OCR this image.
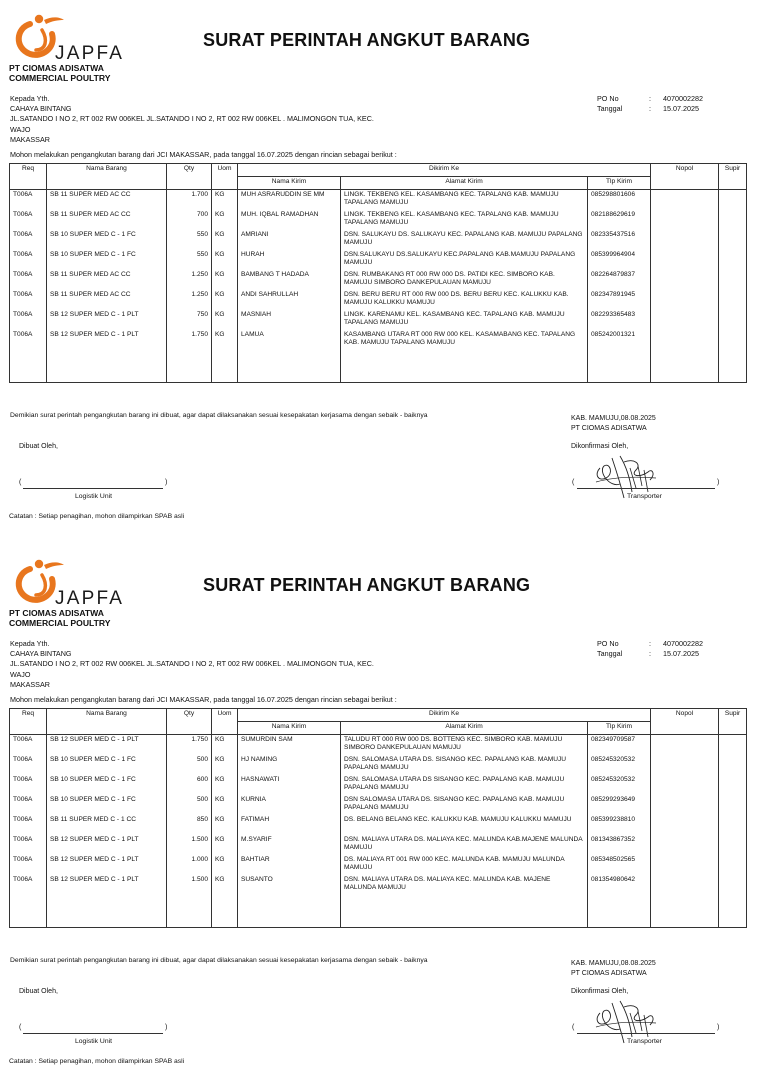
JAPFA
PT CIOMAS ADISATWA
COMMERCIAL POULTRY
SURAT PERINTAH ANGKUT BARANG
Kepada Yth.
CAHAYA BINTANG
JL.SATANDO I NO 2, RT 002 RW 006KEL JL.SATANDO I NO 2, RT 002 RW 006KEL . MALIMONGON TUA, KEC.
WAJO
MAKASSAR
PO No	: 4070002282
Tanggal	: 15.07.2025
Mohon melakukan pengangkutan barang dari JCI MAKASSAR, pada tanggal 16.07.2025 dengan rincian sebagai berikut :
Req	Nama Barang	Qty	Uom	Dikirim Ke			Nopol	Supir
				Nama Kirim	Alamat Kirim	Tlp Kirim		
T006A	SB 11 SUPER MED AC CC	1.700	KG	MUH ASRARUDDIN SE MM	LINGK. TEKBENG KEL. KASAMBANG KEC. TAPALANG KAB. MAMUJU TAPALANG MAMUJU	085298801606		
T006A	SB 11 SUPER MED AC CC	700	KG	MUH. IQBAL RAMADHAN	LINGK. TEKBENG KEL. KASAMBANG KEC. TAPALANG KAB. MAMUJU TAPALANG MAMUJU	082188629619		
T006A	SB 10 SUPER MED C - 1 FC	550	KG	AMRIANI	DSN. SALUKAYU DS. SALUKAYU KEC. PAPALANG KAB. MAMUJU PAPALANG MAMUJU	082335437516		
T006A	SB 10 SUPER MED C - 1 FC	550	KG	HURAH	DSN.SALUKAYU DS.SALUKAYU KEC.PAPALANG KAB.MAMUJU PAPALANG MAMUJU	085399964904		
T006A	SB 11 SUPER MED AC CC	1.250	KG	BAMBANG T HADADA	DSN. RUMBAKANG RT 000 RW 000 DS. PATIDI KEC. SIMBORO KAB. MAMUJU SIMBORO DANKEPULAUAN MAMUJU	082264879837		
T006A	SB 11 SUPER MED AC CC	1.250	KG	ANDI SAHRULLAH	DSN. BERU BERU RT 000 RW 000 DS. BERU BERU KEC. KALUKKU KAB. MAMUJU KALUKKU MAMUJU	082347891945		
T006A	SB 12 SUPER MED C - 1 PLT	750	KG	MASNIAH	LINGK. KARENAMU KEL. KASAMBANG KEC. TAPALANG KAB. MAMUJU TAPALANG MAMUJU	082293365483		
T006A	SB 12 SUPER MED C - 1 PLT	1.750	KG	LAMUA	KASAMBANG UTARA RT 000 RW 000 KEL. KASAMABANG KEC. TAPALANG KAB. MAMUJU TAPALANG MAMUJU	085242001321		

Demikian surat perintah pengangkutan barang ini dibuat, agar dapat dilaksanakan sesuai kesepakatan kerjasama dengan sebaik - baiknya	KAB. MAMUJU,08.08.2025
PT CIOMAS ADISATWA
Dibuat Oleh,	Dikonfirmasi Oleh,
(	)
Logistik Unit
(	)
Transporter
Catatan : Setiap penagihan, mohon dilampirkan SPAB asli
JAPFA
PT CIOMAS ADISATWA
COMMERCIAL POULTRY
SURAT PERINTAH ANGKUT BARANG
Kepada Yth.
CAHAYA BINTANG
JL.SATANDO I NO 2, RT 002 RW 006KEL JL.SATANDO I NO 2, RT 002 RW 006KEL . MALIMONGON TUA, KEC.
WAJO
MAKASSAR
PO No	: 4070002282
Tanggal	: 15.07.2025
Mohon melakukan pengangkutan barang dari JCI MAKASSAR, pada tanggal 16.07.2025 dengan rincian sebagai berikut :
Req	Nama Barang	Qty	Uom	Dikirim Ke			Nopol	Supir
				Nama Kirim	Alamat Kirim	Tlp Kirim		
T006A	SB 12 SUPER MED C - 1 PLT	1.750	KG	SUMURDIN SAM	TALUDU RT 000 RW 000 DS. BOTTENG KEC. SIMBORO KAB. MAMUJU SIMBORO DANKEPULAUAN MAMUJU	082349709587		
T006A	SB 10 SUPER MED C - 1 FC	500	KG	HJ NAMING	DSN. SALOMASA UTARA DS. SISANGO KEC. PAPALANG KAB. MAMUJU PAPALANG MAMUJU	085245320532		
T006A	SB 10 SUPER MED C - 1 FC	600	KG	HASNAWATI	DSN. SALOMASA UTARA DS SISANGO KEC. PAPALANG KAB. MAMUJU PAPALANG MAMUJU	085245320532		
T006A	SB 10 SUPER MED C - 1 FC	500	KG	KURNIA	DSN SALOMASA UTARA DS. SISANGO KEC. PAPALANG KAB. MAMUJU PAPALANG MAMUJU	085299293649		
T006A	SB 11 SUPER MED C - 1 CC	850	KG	FATIMAH	DS. BELANG BELANG KEC. KALUKKU KAB. MAMUJU KALUKKU MAMUJU	085399238810		
T006A	SB 12 SUPER MED C - 1 PLT	1.500	KG	M.SYARIF	DSN. MALIAYA UTARA DS. MALIAYA KEC. MALUNDA KAB.MAJENE MALUNDA MAMUJU	081343867352		
T006A	SB 12 SUPER MED C - 1 PLT	1.000	KG	BAHTIAR	DS. MALIAYA RT 001 RW 000 KEC. MALUNDA KAB. MAMUJU MALUNDA MAMUJU	085348502565		
T006A	SB 12 SUPER MED C - 1 PLT	1.500	KG	SUSANTO	DSN. MALIAYA UTARA DS. MALIAYA KEC. MALUNDA KAB. MAJENE MALUNDA MAMUJU	081354980642		

Demikian surat perintah pengangkutan barang ini dibuat, agar dapat dilaksanakan sesuai kesepakatan kerjasama dengan sebaik - baiknya	KAB. MAMUJU,08.08.2025
PT CIOMAS ADISATWA
Dibuat Oleh,	Dikonfirmasi Oleh,
(	)
Logistik Unit
(	)
Transporter
Catatan : Setiap penagihan, mohon dilampirkan SPAB asli
